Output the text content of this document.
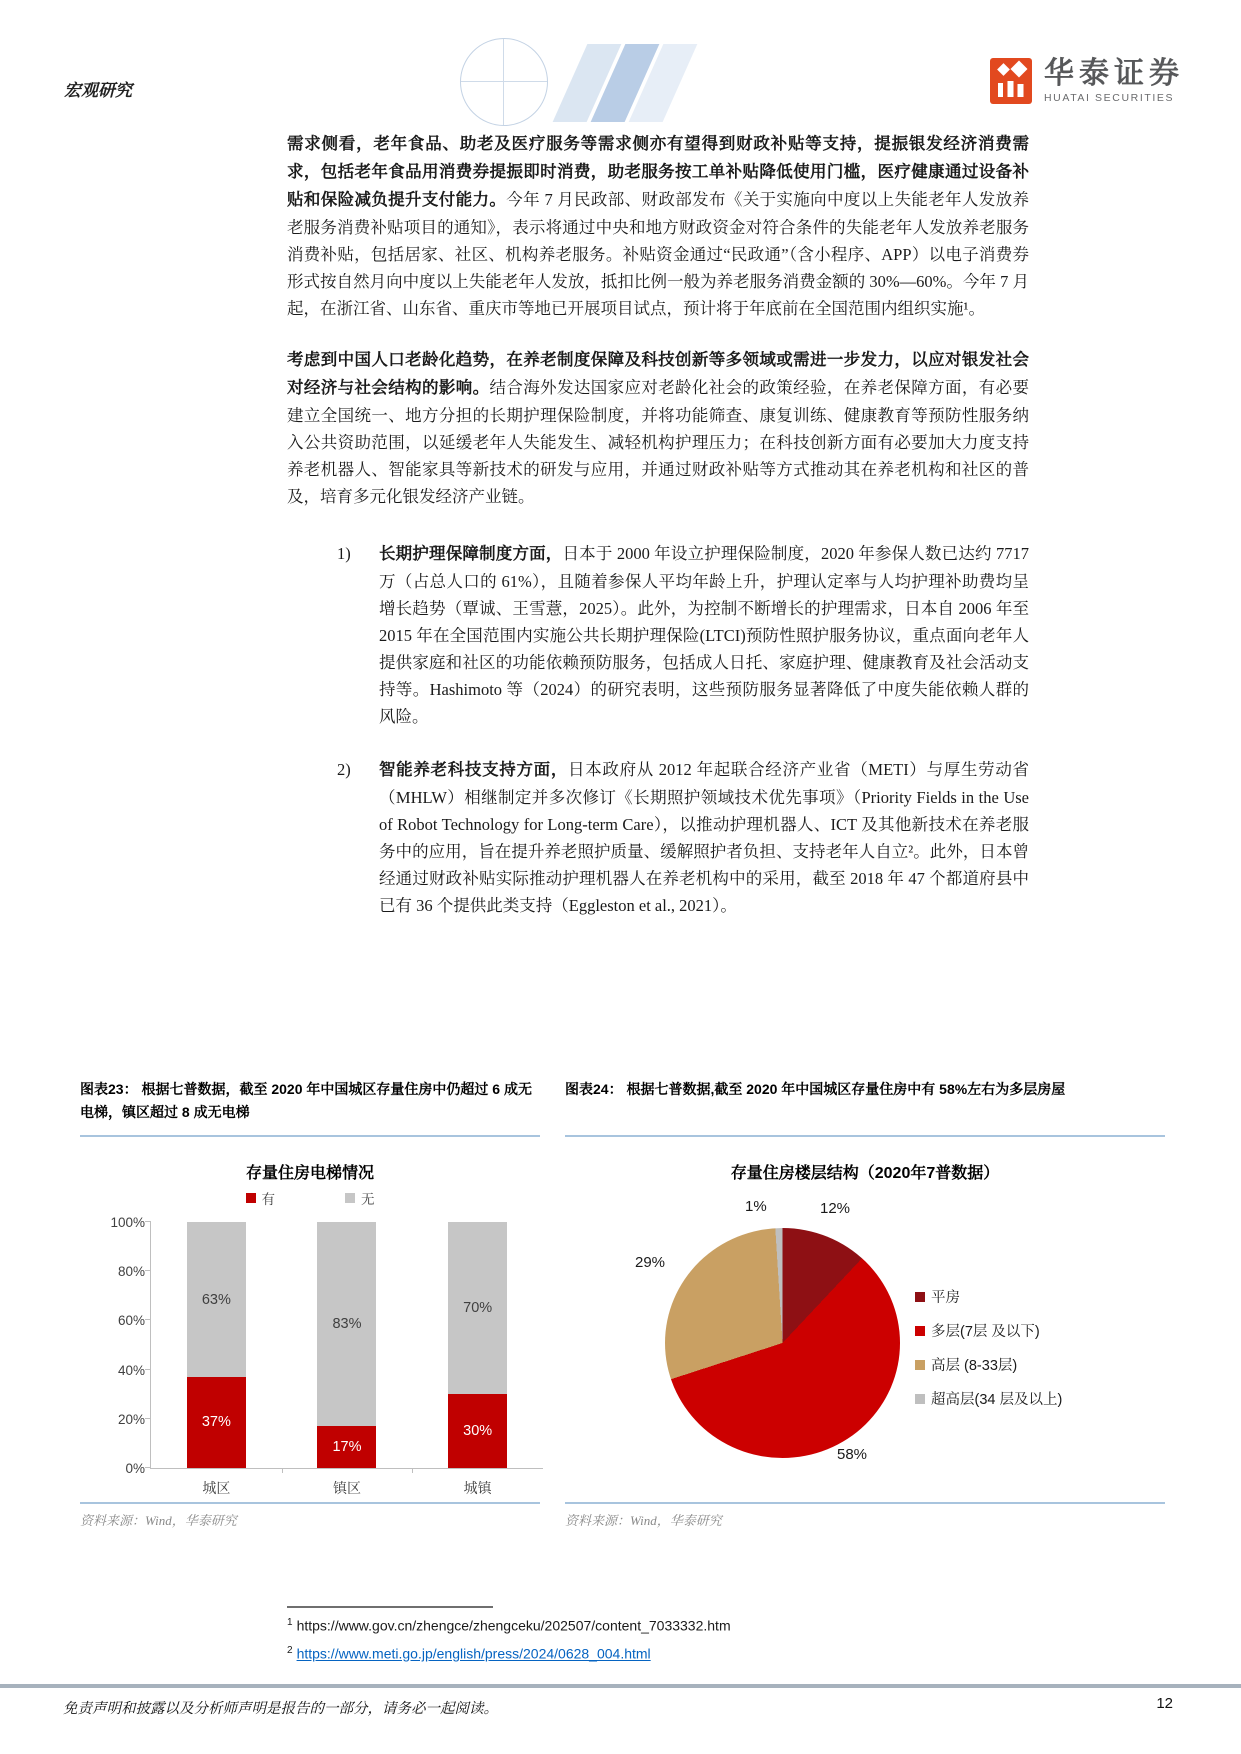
宏观研究
华泰证券
HUATAI SECURITIES

需求侧看，老年食品、助老及医疗服务等需求侧亦有望得到财政补贴等支持，提振银发经济消费需求，包括老年食品用消费券提振即时消费，助老服务按工单补贴降低使用门槛，医疗健康通过设备补贴和保险减负提升支付能力。今年 7 月民政部、财政部发布《关于实施向中度以上失能老年人发放养老服务消费补贴项目的通知》，表示将通过中央和地方财政资金对符合条件的失能老年人发放养老服务消费补贴，包括居家、社区、机构养老服务。补贴资金通过“民政通”（含小程序、APP）以电子消费券形式按自然月向中度以上失能老年人发放，抵扣比例一般为养老服务消费金额的 30%—60%。今年 7 月起，在浙江省、山东省、重庆市等地已开展项目试点，预计将于年底前在全国范围内组织实施¹。

考虑到中国人口老龄化趋势，在养老制度保障及科技创新等多领域或需进一步发力，以应对银发社会对经济与社会结构的影响。结合海外发达国家应对老龄化社会的政策经验，在养老保障方面，有必要建立全国统一、地方分担的长期护理保险制度，并将功能筛查、康复训练、健康教育等预防性服务纳入公共资助范围，以延缓老年人失能发生、减轻机构护理压力；在科技创新方面有必要加大力度支持养老机器人、智能家具等新技术的研发与应用，并通过财政补贴等方式推动其在养老机构和社区的普及，培育多元化银发经济产业链。

1) 长期护理保障制度方面，日本于 2000 年设立护理保险制度，2020 年参保人数已达约 7717 万（占总人口的 61%），且随着参保人平均年龄上升，护理认定率与人均护理补助费均呈增长趋势（覃诚、王雪薏，2025）。此外，为控制不断增长的护理需求，日本自 2006 年至 2015 年在全国范围内实施公共长期护理保险(LTCI)预防性照护服务协议，重点面向老年人提供家庭和社区的功能依赖预防服务，包括成人日托、家庭护理、健康教育及社会活动支持等。Hashimoto 等（2024）的研究表明，这些预防服务显著降低了中度失能依赖人群的风险。
2) 智能养老科技支持方面，日本政府从 2012 年起联合经济产业省（METI）与厚生劳动省（MHLW）相继制定并多次修订《长期照护领域技术优先事项》（Priority Fields in the Use of Robot Technology for Long-term Care），以推动护理机器人、ICT 及其他新技术在养老服务中的应用，旨在提升养老照护质量、缓解照护者负担、支持老年人自立²。此外，日本曾经通过财政补贴实际推动护理机器人在养老机构中的采用，截至 2018 年 47 个都道府县中已有 36 个提供此类支持（Eggleston et al., 2021）。
图表23： 根据七普数据，截至 2020 年中国城区存量住房中仍超过 6 成无电梯，镇区超过 8 成无电梯
存量住房电梯情况
有	无
0%
20%
40%
60%
80%
100%
63%
37%
城区
83%
17%
镇区
70%
30%
城镇
资料来源：Wind，华泰研究
图表24： 根据七普数据,截至 2020 年中国城区存量住房中有 58%左右为多层房屋
存量住房楼层结构（2020年7普数据）
平房
多层(7层 及以下)
高层 (8-33层)
超高层(34 层及以上)
资料来源：Wind，华泰研究
12%
58%
29%
1%
$^1$ https://www.gov.cn/zhengce/zhengceku/202507/content_7033332.htm
$^2$ https://www.meti.go.jp/english/press/2024/0628_004.html
免责声明和披露以及分析师声明是报告的一部分，请务必一起阅读。	12
